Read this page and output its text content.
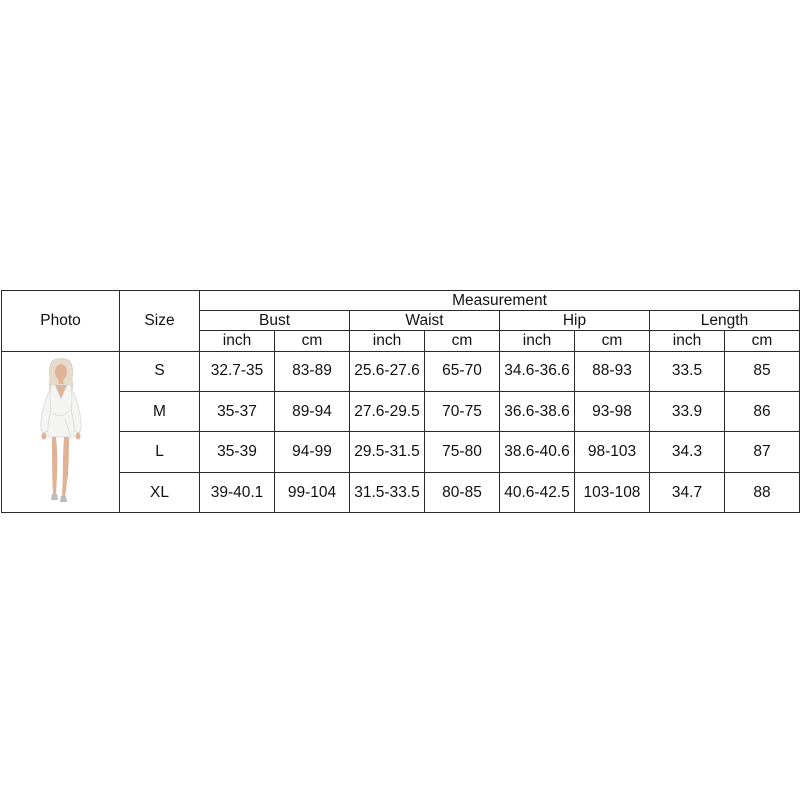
Photo	Size	Measurement							
		Bust		Waist		Hip		Length	
		inch	cm	inch	cm	inch	cm	inch	cm

	S	32.7-35	83-89	25.6-27.6	65-70	34.6-36.6	88-93	33.5	85
	M	35-37	89-94	27.6-29.5	70-75	36.6-38.6	93-98	33.9	86
	L	35-39	94-99	29.5-31.5	75-80	38.6-40.6	98-103	34.3	87
	XL	39-40.1	99-104	31.5-33.5	80-85	40.6-42.5	103-108	34.7	88
